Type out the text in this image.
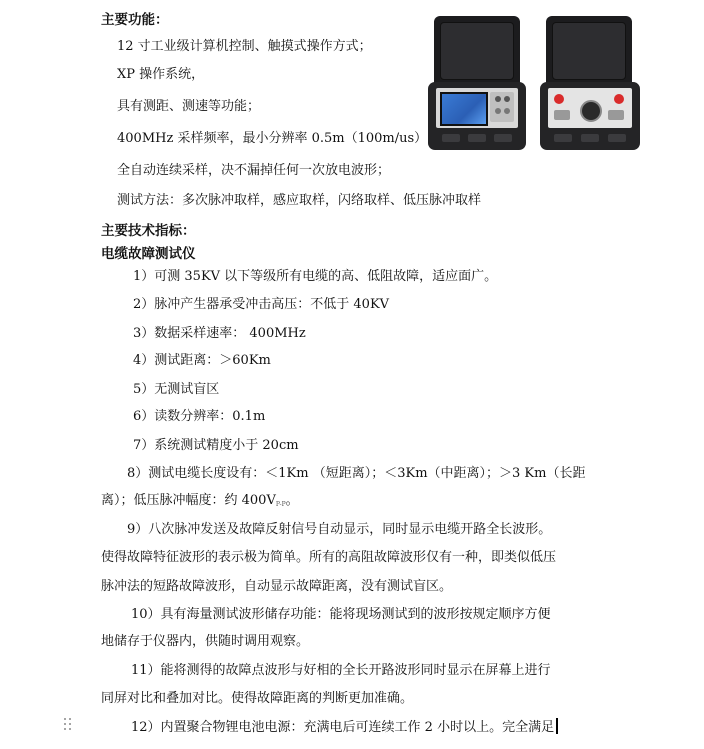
主要功能：
12 寸工业级计算机控制、触摸式操作方式；
XP 操作系统，
具有测距、测速等功能；
400MHz 采样频率，最小分辨率 0.5m（100m/us）
全自动连续采样，决不漏掉任何一次放电波形；
测试方法：多次脉冲取样，感应取样，闪络取样、低压脉冲取样
主要技术指标：
电缆故障测试仪
1）可测 35KV 以下等级所有电缆的高、低阻故障，适应面广。
2）脉冲产生器承受冲击高压：不低于 40KV
3）数据采样速率： 400MHz
4）测试距离：＞60Km
5）无测试盲区
6）读数分辨率：0.1m
7）系统测试精度小于 20cm
8）测试电缆长度设有：＜1Km （短距离）；＜3Km（中距离）；＞3 Km（长距
离）；低压脉冲幅度：约 $400V_{P-P}$。
9）八次脉冲发送及故障反射信号自动显示，同时显示电缆开路全长波形。
使得故障特征波形的表示极为简单。所有的高阻故障波形仅有一种，即类似低压
脉冲法的短路故障波形，自动显示故障距离，没有测试盲区。
10）具有海量测试波形储存功能：能将现场测试到的波形按规定顺序方便
地储存于仪器内，供随时调用观察。
11）能将测得的故障点波形与好相的全长开路波形同时显示在屏幕上进行
同屏对比和叠加对比。使得故障距离的判断更加准确。
12）内置聚合物锂电池电源：充满电后可连续工作 2 小时以上。完全满足
